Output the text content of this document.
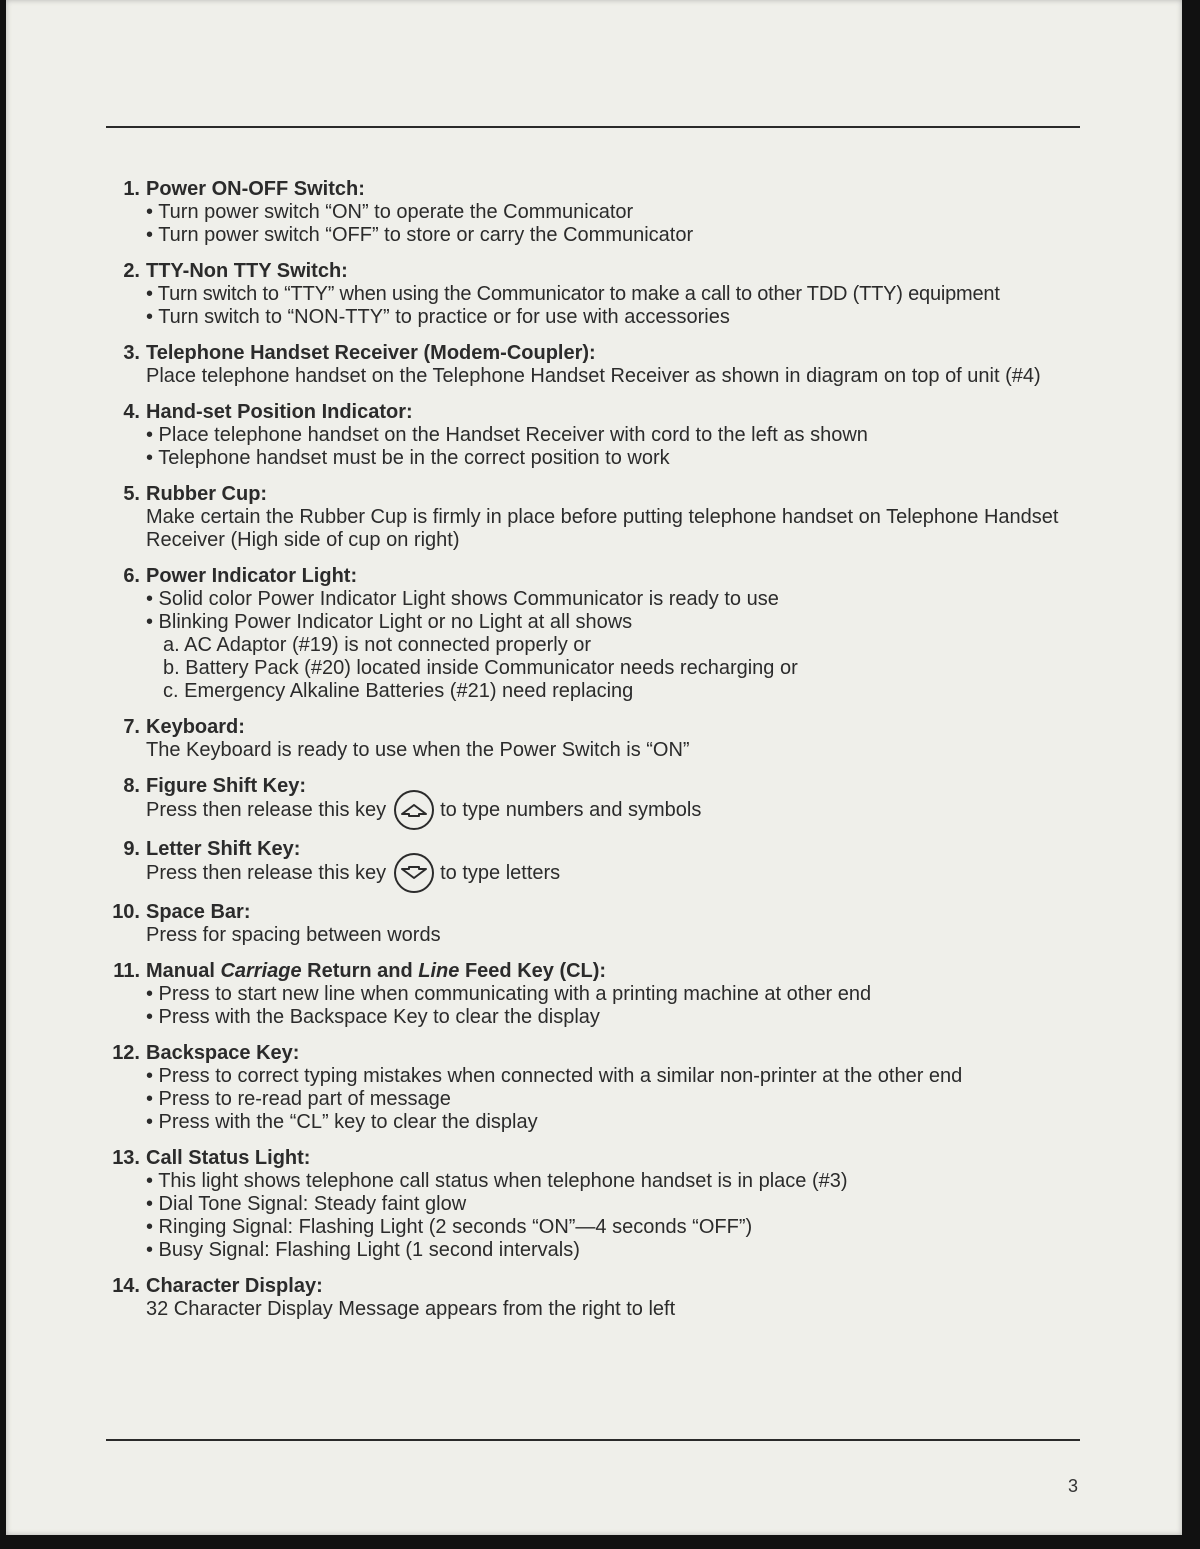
1. Power ON-OFF Switch:
• Turn power switch “ON” to operate the Communicator
• Turn power switch “OFF” to store or carry the Communicator
2. TTY-Non TTY Switch:
• Turn switch to “TTY” when using the Communicator to make a call to other TDD (TTY) equipment
• Turn switch to “NON-TTY” to practice or for use with accessories
3. Telephone Handset Receiver (Modem-Coupler):
Place telephone handset on the Telephone Handset Receiver as shown in diagram on top of unit (#4)
4. Hand-set Position Indicator:
• Place telephone handset on the Handset Receiver with cord to the left as shown
• Telephone handset must be in the correct position to work
5. Rubber Cup:
Make certain the Rubber Cup is firmly in place before putting telephone handset on Telephone Handset Receiver (High side of cup on right)
6. Power Indicator Light:
• Solid color Power Indicator Light shows Communicator is ready to use
• Blinking Power Indicator Light or no Light at all shows
a. AC Adaptor (#19) is not connected properly or
b. Battery Pack (#20) located inside Communicator needs recharging or
c. Emergency Alkaline Batteries (#21) need replacing
7. Keyboard:
The Keyboard is ready to use when the Power Switch is “ON”
8. Figure Shift Key:
Press then release this key	to type numbers and symbols
9. Letter Shift Key:
Press then release this key	to type letters
10. Space Bar:
Press for spacing between words
11. Manual Carriage Return and Line Feed Key (CL):
• Press to start new line when communicating with a printing machine at other end
• Press with the Backspace Key to clear the display
12. Backspace Key:
• Press to correct typing mistakes when connected with a similar non-printer at the other end
• Press to re-read part of message
• Press with the “CL” key to clear the display
13. Call Status Light:
• This light shows telephone call status when telephone handset is in place (#3)
• Dial Tone Signal: Steady faint glow
• Ringing Signal: Flashing Light (2 seconds “ON”—4 seconds “OFF”)
• Busy Signal: Flashing Light (1 second intervals)
14. Character Display:
32 Character Display Message appears from the right to left
3
